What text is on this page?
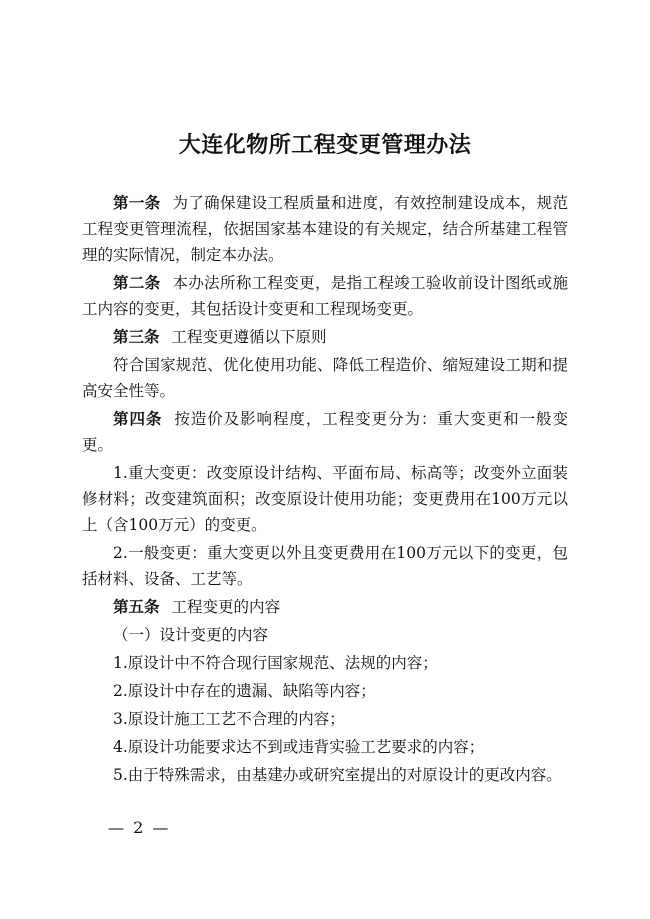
大连化物所工程变更管理办法

第一条 为了确保建设工程质量和进度，有效控制建设成本，规范工程变更管理流程，依据国家基本建设的有关规定，结合所基建工程管理的实际情况，制定本办法。

第二条 本办法所称工程变更，是指工程竣工验收前设计图纸或施工内容的变更，其包括设计变更和工程现场变更。

第三条 工程变更遵循以下原则

符合国家规范、优化使用功能、降低工程造价、缩短建设工期和提高安全性等。

第四条 按造价及影响程度，工程变更分为：重大变更和一般变更。

1.重大变更：改变原设计结构、平面布局、标高等；改变外立面装修材料；改变建筑面积；改变原设计使用功能；变更费用在100万元以上（含100万元）的变更。

2.一般变更：重大变更以外且变更费用在100万元以下的变更，包括材料、设备、工艺等。

第五条 工程变更的内容

（一）设计变更的内容

1.原设计中不符合现行国家规范、法规的内容；

2.原设计中存在的遗漏、缺陷等内容；

3.原设计施工工艺不合理的内容；

4.原设计功能要求达不到或违背实验工艺要求的内容；

5.由于特殊需求，由基建办或研究室提出的对原设计的更改内容。

— 2 —
